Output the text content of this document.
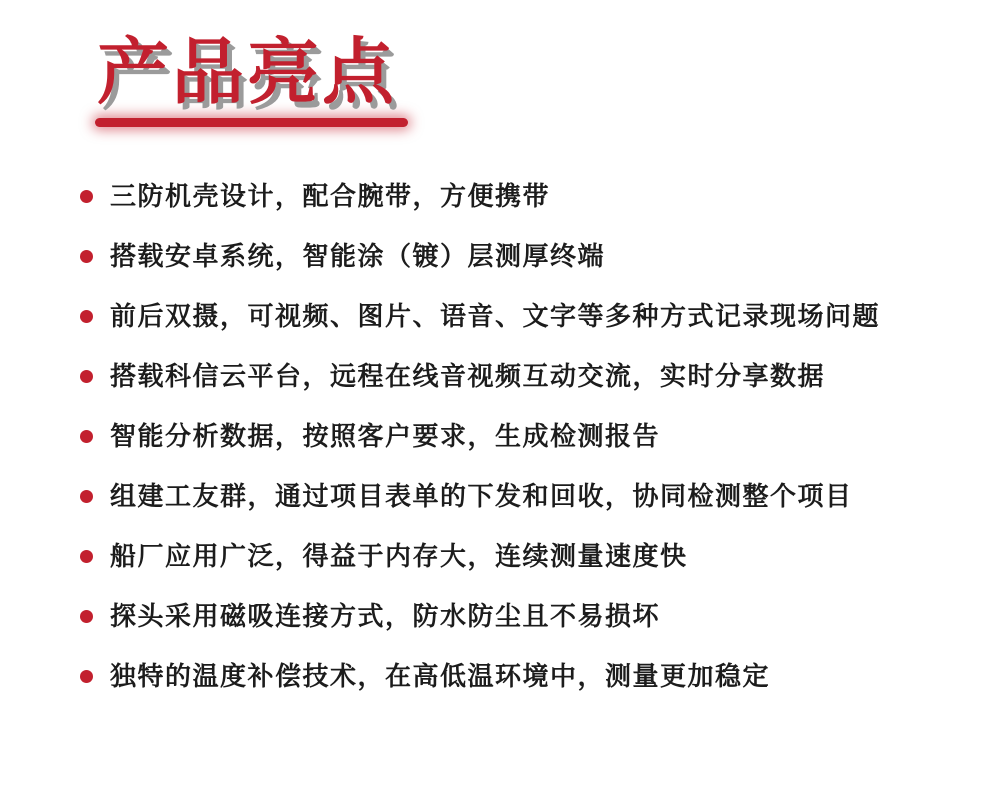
产品亮点
三防机壳设计，配合腕带，方便携带
搭载安卓系统，智能涂（镀）层测厚终端
前后双摄，可视频、图片、语音、文字等多种方式记录现场问题
搭载科信云平台，远程在线音视频互动交流，实时分享数据
智能分析数据，按照客户要求，生成检测报告
组建工友群，通过项目表单的下发和回收，协同检测整个项目
船厂应用广泛，得益于内存大，连续测量速度快
探头采用磁吸连接方式，防水防尘且不易损坏
独特的温度补偿技术，在高低温环境中，测量更加稳定
